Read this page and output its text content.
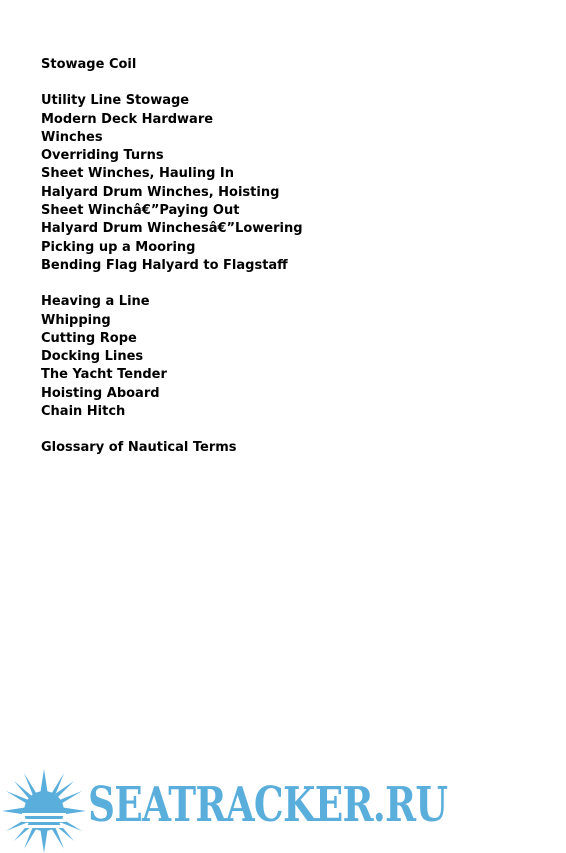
Stowage Coil
Utility Line Stowage
Modern Deck Hardware
Winches
Overriding Turns
Sheet Winches, Hauling In
Halyard Drum Winches, Hoisting
Sheet Winchâ€”Paying Out
Halyard Drum Winchesâ€”Lowering
Picking up a Mooring
Bending Flag Halyard to Flagstaff
Heaving a Line
Whipping
Cutting Rope
Docking Lines
The Yacht Tender
Hoisting Aboard
Chain Hitch
Glossary of Nautical Terms
SEATRACKER.RU
